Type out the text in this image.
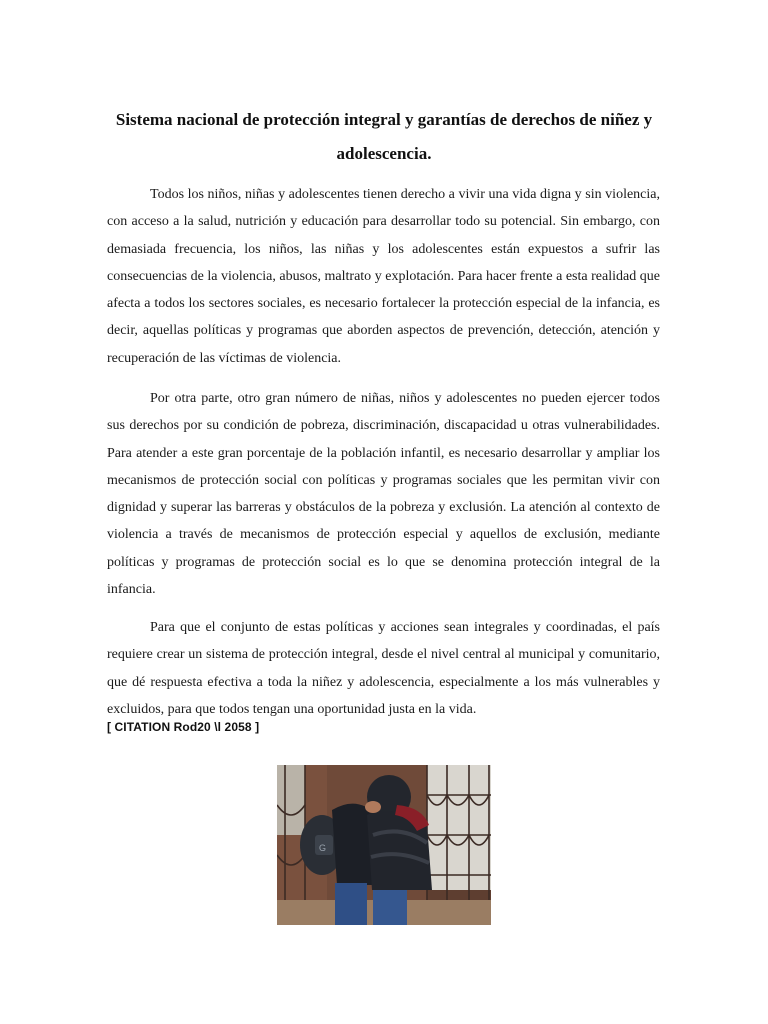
Sistema nacional de protección integral y garantías de derechos de niñez y adolescencia.

Todos los niños, niñas y adolescentes tienen derecho a vivir una vida digna y sin violencia, con acceso a la salud, nutrición y educación para desarrollar todo su potencial. Sin embargo, con demasiada frecuencia, los niños, las niñas y los adolescentes están expuestos a sufrir las consecuencias de la violencia, abusos, maltrato y explotación. Para hacer frente a esta realidad que afecta a todos los sectores sociales, es necesario fortalecer la protección especial de la infancia, es decir, aquellas políticas y programas que aborden aspectos de prevención, detección, atención y recuperación de las víctimas de violencia.

Por otra parte, otro gran número de niñas, niños y adolescentes no pueden ejercer todos sus derechos por su condición de pobreza, discriminación, discapacidad u otras vulnerabilidades. Para atender a este gran porcentaje de la población infantil, es necesario desarrollar y ampliar los mecanismos de protección social con políticas y programas sociales que les permitan vivir con dignidad y superar las barreras y obstáculos de la pobreza y exclusión. La atención al contexto de violencia a través de mecanismos de protección especial y aquellos de exclusión, mediante políticas y programas de protección social es lo que se denomina protección integral de la infancia.

Para que el conjunto de estas políticas y acciones sean integrales y coordinadas, el país requiere crear un sistema de protección integral, desde el nivel central al municipal y comunitario, que dé respuesta efectiva a toda la niñez y adolescencia, especialmente a los más vulnerables y excluidos, para que todos tengan una oportunidad justa en la vida.

[ CITATION Rod20 \l 2058 ]
G
